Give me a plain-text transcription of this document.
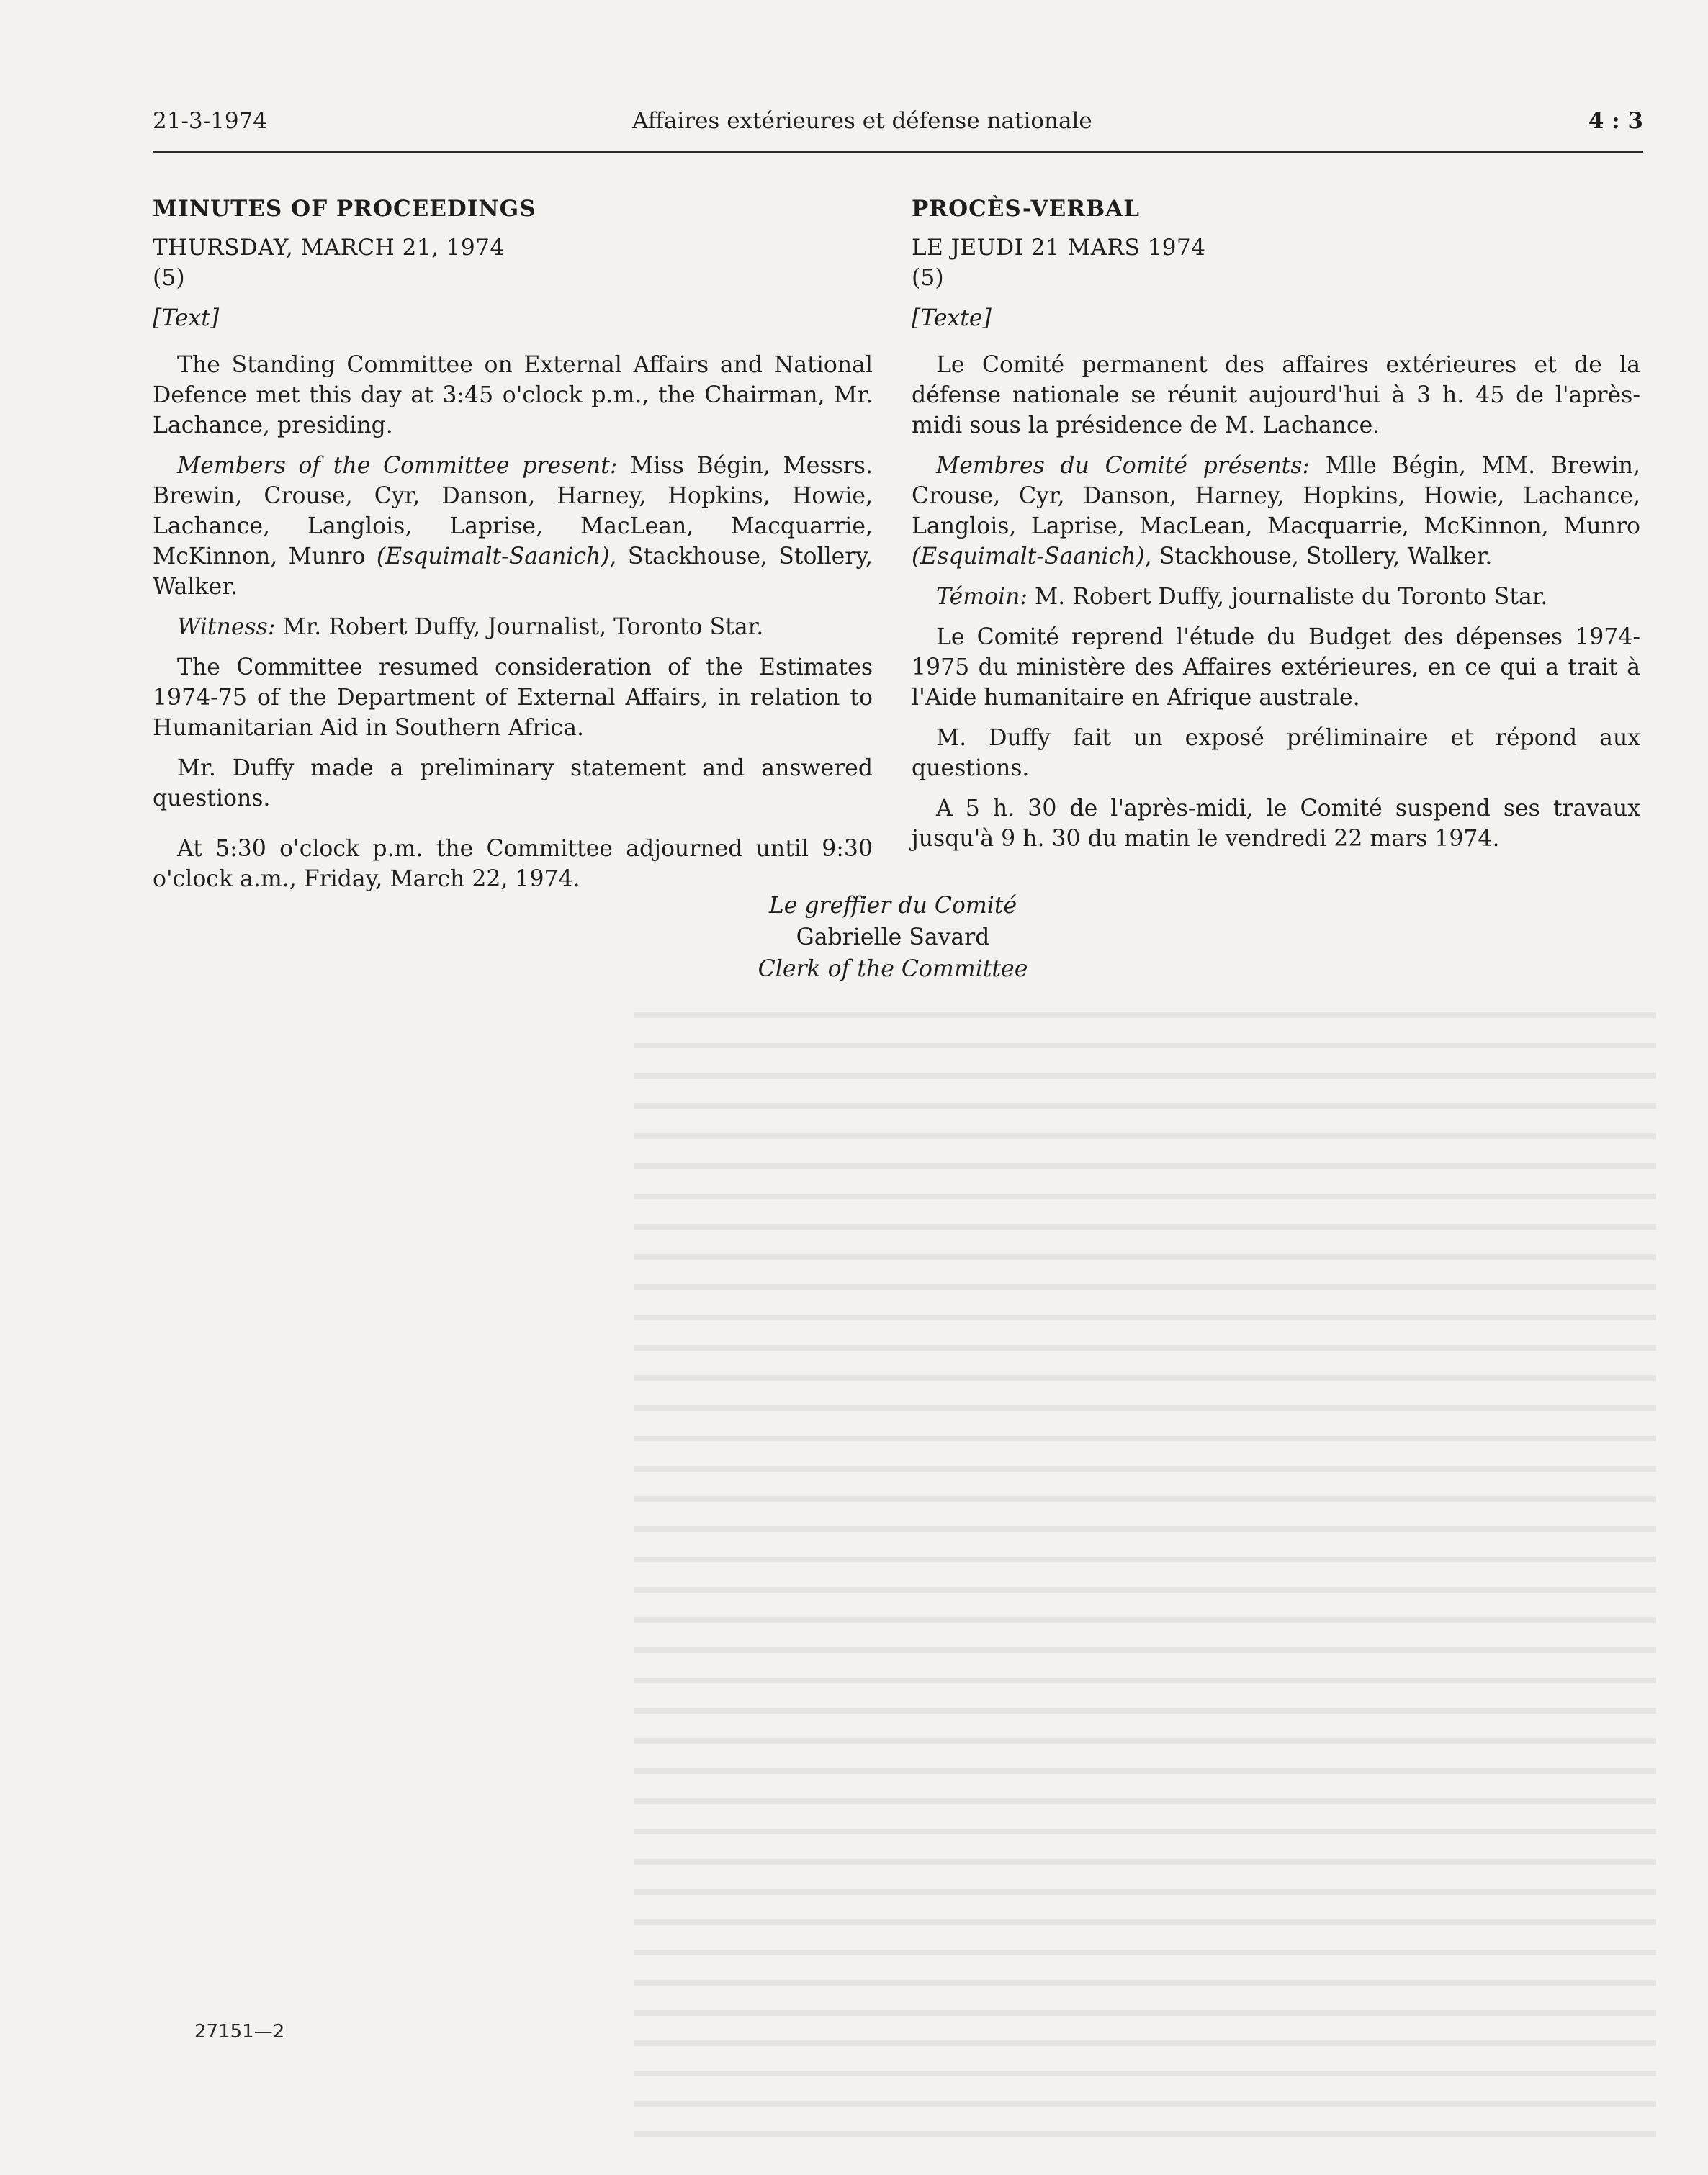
21-3-1974	Affaires extérieures et défense nationale	4 : 3
MINUTES OF PROCEEDINGS

THURSDAY, MARCH 21, 1974

(5)

[Text]

The Standing Committee on External Affairs and National Defence met this day at 3:45 o'clock p.m., the Chairman, Mr. Lachance, presiding.

Members of the Committee present: Miss Bégin, Messrs. Brewin, Crouse, Cyr, Danson, Harney, Hopkins, Howie, Lachance, Langlois, Laprise, MacLean, Macquarrie, McKinnon, Munro (Esquimalt-Saanich), Stackhouse, Stollery, Walker.

Witness: Mr. Robert Duffy, Journalist, Toronto Star.

The Committee resumed consideration of the Estimates 1974-75 of the Department of External Affairs, in relation to Humanitarian Aid in Southern Africa.

Mr. Duffy made a preliminary statement and answered questions.

At 5:30 o'clock p.m. the Committee adjourned until 9:30 o'clock a.m., Friday, March 22, 1974.

PROCÈS-VERBAL

LE JEUDI 21 MARS 1974

(5)

[Texte]

Le Comité permanent des affaires extérieures et de la défense nationale se réunit aujourd'hui à 3 h. 45 de l'après-midi sous la présidence de M. Lachance.

Membres du Comité présents: Mlle Bégin, MM. Brewin, Crouse, Cyr, Danson, Harney, Hopkins, Howie, Lachance, Langlois, Laprise, MacLean, Macquarrie, McKinnon, Munro (Esquimalt-Saanich), Stackhouse, Stollery, Walker.

Témoin: M. Robert Duffy, journaliste du Toronto Star.

Le Comité reprend l'étude du Budget des dépenses 1974-1975 du ministère des Affaires extérieures, en ce qui a trait à l'Aide humanitaire en Afrique australe.

M. Duffy fait un exposé préliminaire et répond aux questions.

A 5 h. 30 de l'après-midi, le Comité suspend ses travaux jusqu'à 9 h. 30 du matin le vendredi 22 mars 1974.

Le greffier du Comité
Gabrielle Savard
Clerk of the Committee
27151—2
